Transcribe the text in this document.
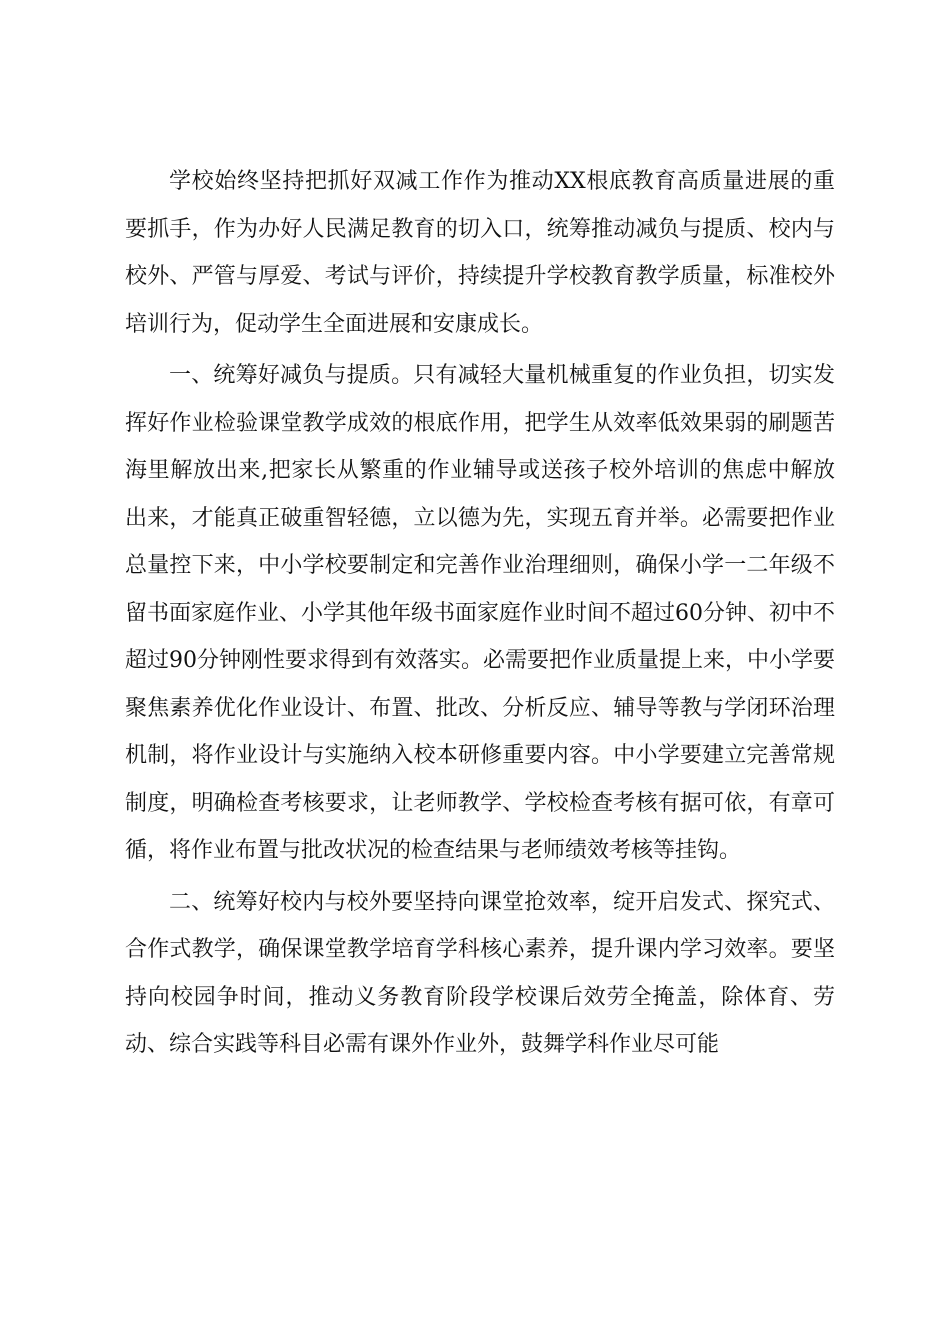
学校始终坚持把抓好双减工作作为推动XX根底教育高质量进展的重要抓手，作为办好人民满足教育的切入口，统筹推动减负与提质、校内与校外、严管与厚爱、考试与评价，持续提升学校教育教学质量，标准校外培训行为，促动学生全面进展和安康成长。

一、统筹好减负与提质。只有减轻大量机械重复的作业负担，切实发挥好作业检验课堂教学成效的根底作用，把学生从效率低效果弱的刷题苦海里解放出来,把家长从繁重的作业辅导或送孩子校外培训的焦虑中解放出来，才能真正破重智轻德，立以德为先，实现五育并举。必需要把作业总量控下来，中小学校要制定和完善作业治理细则，确保小学一二年级不留书面家庭作业、小学其他年级书面家庭作业时间不超过60分钟、初中不超过90分钟刚性要求得到有效落实。必需要把作业质量提上来，中小学要聚焦素养优化作业设计、布置、批改、分析反应、辅导等教与学闭环治理机制，将作业设计与实施纳入校本研修重要内容。中小学要建立完善常规制度，明确检查考核要求，让老师教学、学校检查考核有据可依，有章可循，将作业布置与批改状况的检查结果与老师绩效考核等挂钩。

二、统筹好校内与校外要坚持向课堂抢效率，绽开启发式、探究式、合作式教学，确保课堂教学培育学科核心素养，提升课内学习效率。要坚持向校园争时间，推动义务教育阶段学校课后效劳全掩盖，除体育、劳动、综合实践等科目必需有课外作业外，鼓舞学科作业尽可能
